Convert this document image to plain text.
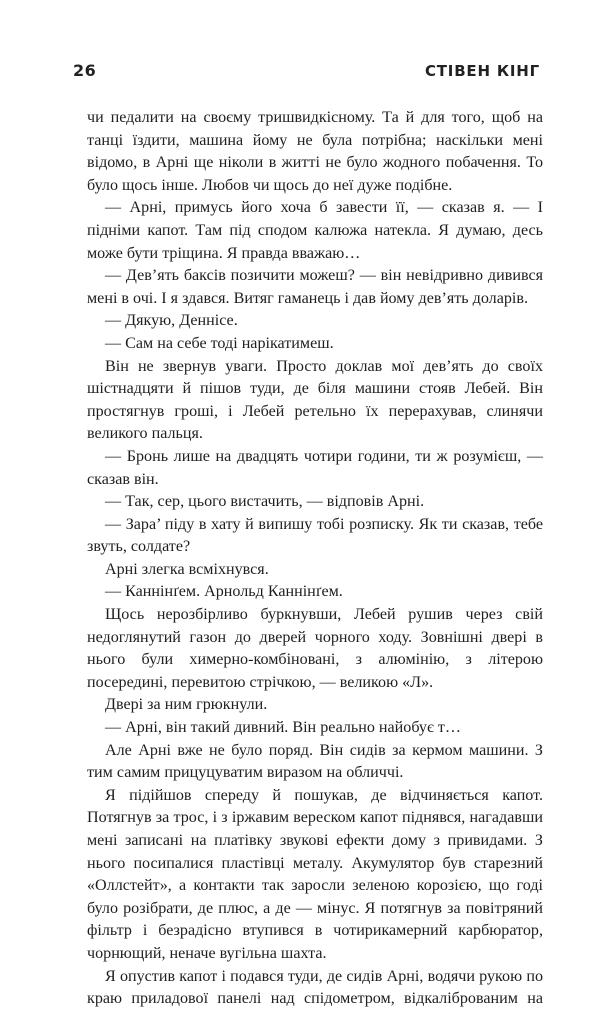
26	СТІВЕН КІНГ

чи педалити на своєму тришвидкісному. Та й для того, щоб на танці їздити, машина йому не була потрібна; наскільки мені відомо, в Арні ще ніколи в житті не було жодного побачення. То було щось інше. Любов чи щось до неї дуже подібне.

— Арні, примусь його хоча б завести її, — сказав я. — І підніми капот. Там під сподом калюжа натекла. Я думаю, десь може бути тріщина. Я правда вважаю…

— Дев’ять баксів позичити можеш? — він невідривно дивився мені в очі. І я здався. Витяг гаманець і дав йому дев’ять доларів.

— Дякую, Деннісе.

— Сам на себе тоді нарікатимеш.

Він не звернув уваги. Просто доклав мої дев’ять до своїх шістнадцяти й пішов туди, де біля машини стояв Лебей. Він простягнув гроші, і Лебей ретельно їх перерахував, слинячи великого пальця.

— Бронь лише на двадцять чотири години, ти ж розумієш, — сказав він.

— Так, сер, цього вистачить, — відповів Арні.

— Зара’ піду в хату й випишу тобі розписку. Як ти сказав, тебе звуть, солдате?

Арні злегка всміхнувся.

— Каннінґем. Арнольд Каннінґем.

Щось нерозбірливо буркнувши, Лебей рушив через свій недоглянутий газон до дверей чорного ходу. Зовнішні двері в нього були химерно-комбіновані, з алюмінію, з літерою посередині, перевитою стрічкою, — великою «Л».

Двері за ним грюкнули.

— Арні, він такий дивний. Він реально найобує т…

Але Арні вже не було поряд. Він сидів за кермом машини. З тим самим прицуцуватим виразом на обличчі.

Я підійшов спереду й пошукав, де відчиняється капот. Потягнув за трос, і з іржавим вереском капот піднявся, нагадавши мені записані на платівку звукові ефекти дому з привидами. З нього посипалися пластівці металу. Акумулятор був старезний «Оллстейт», а контакти так заросли зеленою корозією, що годі було розібрати, де плюс, а де — мінус. Я потягнув за повітряний фільтр і безрадісно втупився в чотирикамерний карбюратор, чорнющий, неначе вугільна шахта.

Я опустив капот і подався туди, де сидів Арні, водячи рукою по краю приладової панелі над спідометром, відкаліброваним на
